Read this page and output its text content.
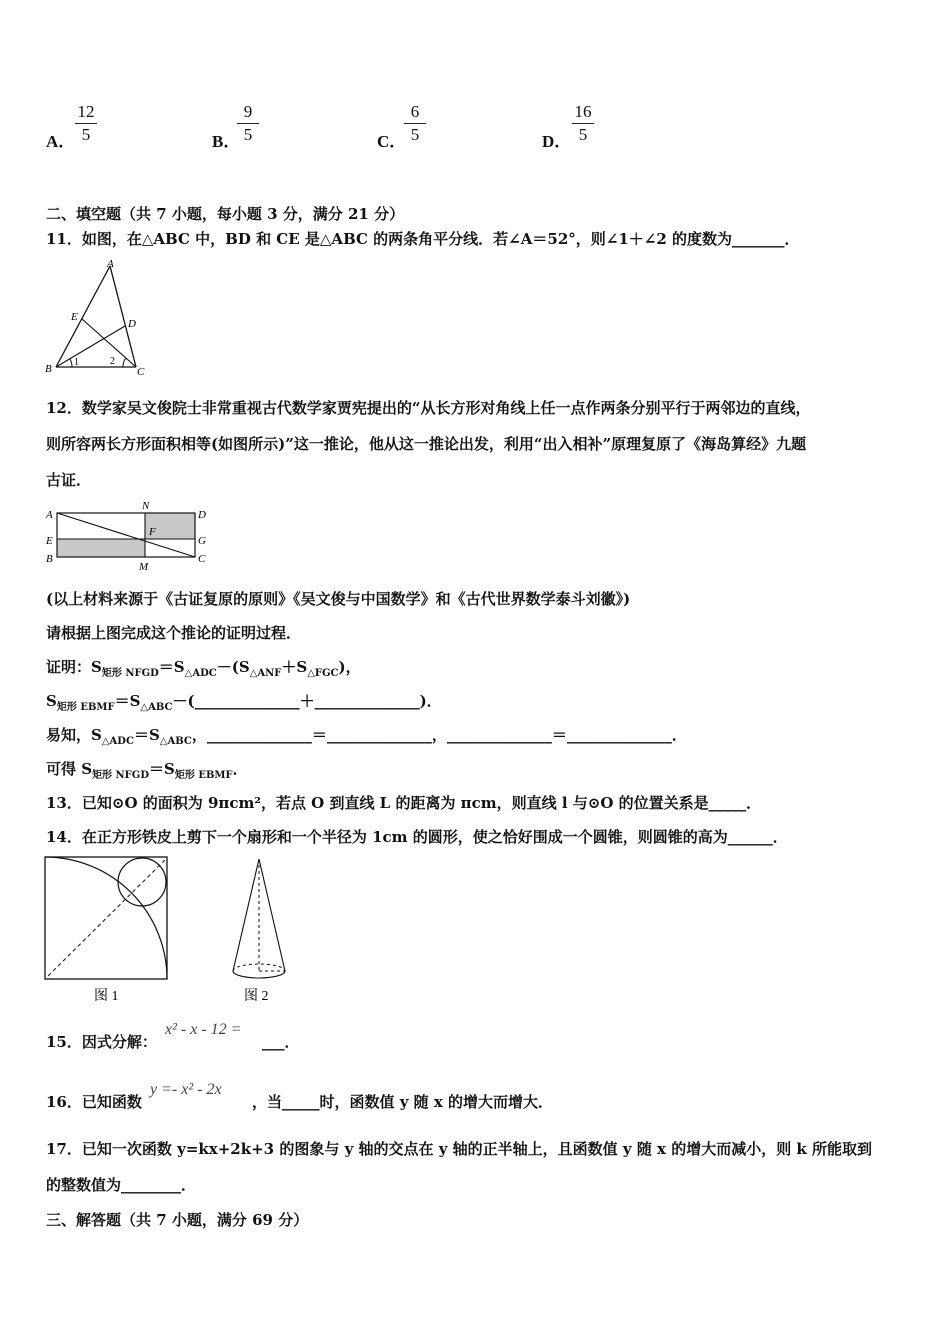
A．
12
5	B．
9
5	C．
6
5	D．
16
5
二、填空题（共 7 小题，每小题 3 分，满分 21 分）
11．如图，在△ABC 中，BD 和 CE 是△ABC 的两条角平分线．若∠A＝52°，则∠1＋∠2 的度数为_______．
A
B	C
D
E
1	2
12．数学家吴文俊院士非常重视古代数学家贾宪提出的“从长方形对角线上任一点作两条分别平行于两邻边的直线，
则所容两长方形面积相等(如图所示)”这一推论，他从这一推论出发，利用“出入相补”原理复原了《海岛算经》九题
古证．
A
N
D
E
F
G
B
M
C
(以上材料来源于《古证复原的原则》《吴文俊与中国数学》和《古代世界数学泰斗刘徽》)
请根据上图完成这个推论的证明过程．
证明：$S_{矩形 NFGD}=S_{\triangle ADC}-(S_{\triangle ANF}+S_{\triangle FGC})$，
$S_{矩形 EBMF}=S_{\triangle ABC}-(\_\_\_\_\_\_\_\_\_\_\_\_\_\_+\_\_\_\_\_\_\_\_\_\_\_\_\_\_)$．
易知，$S_{\triangle ADC}=S_{\triangle ABC}$，______________＝______________，______________＝______________．
可得 $S_{矩形 NFGD}=S_{矩形 EBMF}$．
13．已知⊙O 的面积为 9πcm²，若点 O 到直线 L 的距离为 πcm，则直线 l 与⊙O 的位置关系是_____．
14．在正方形铁皮上剪下一个扇形和一个半径为 1cm 的圆形，使之恰好围成一个圆锥，则圆锥的高为______．
图 1	图 2
15．因式分解：
x² - x - 12 =
___．
16．已知函数
y =- x² - 2x
，当_____时，函数值 y 随 x 的增大而增大．
17．已知一次函数 y=kx+2k+3 的图象与 y 轴的交点在 y 轴的正半轴上，且函数值 y 随 x 的增大而减小，则 k 所能取到
的整数值为________．
三、解答题（共 7 小题，满分 69 分）
